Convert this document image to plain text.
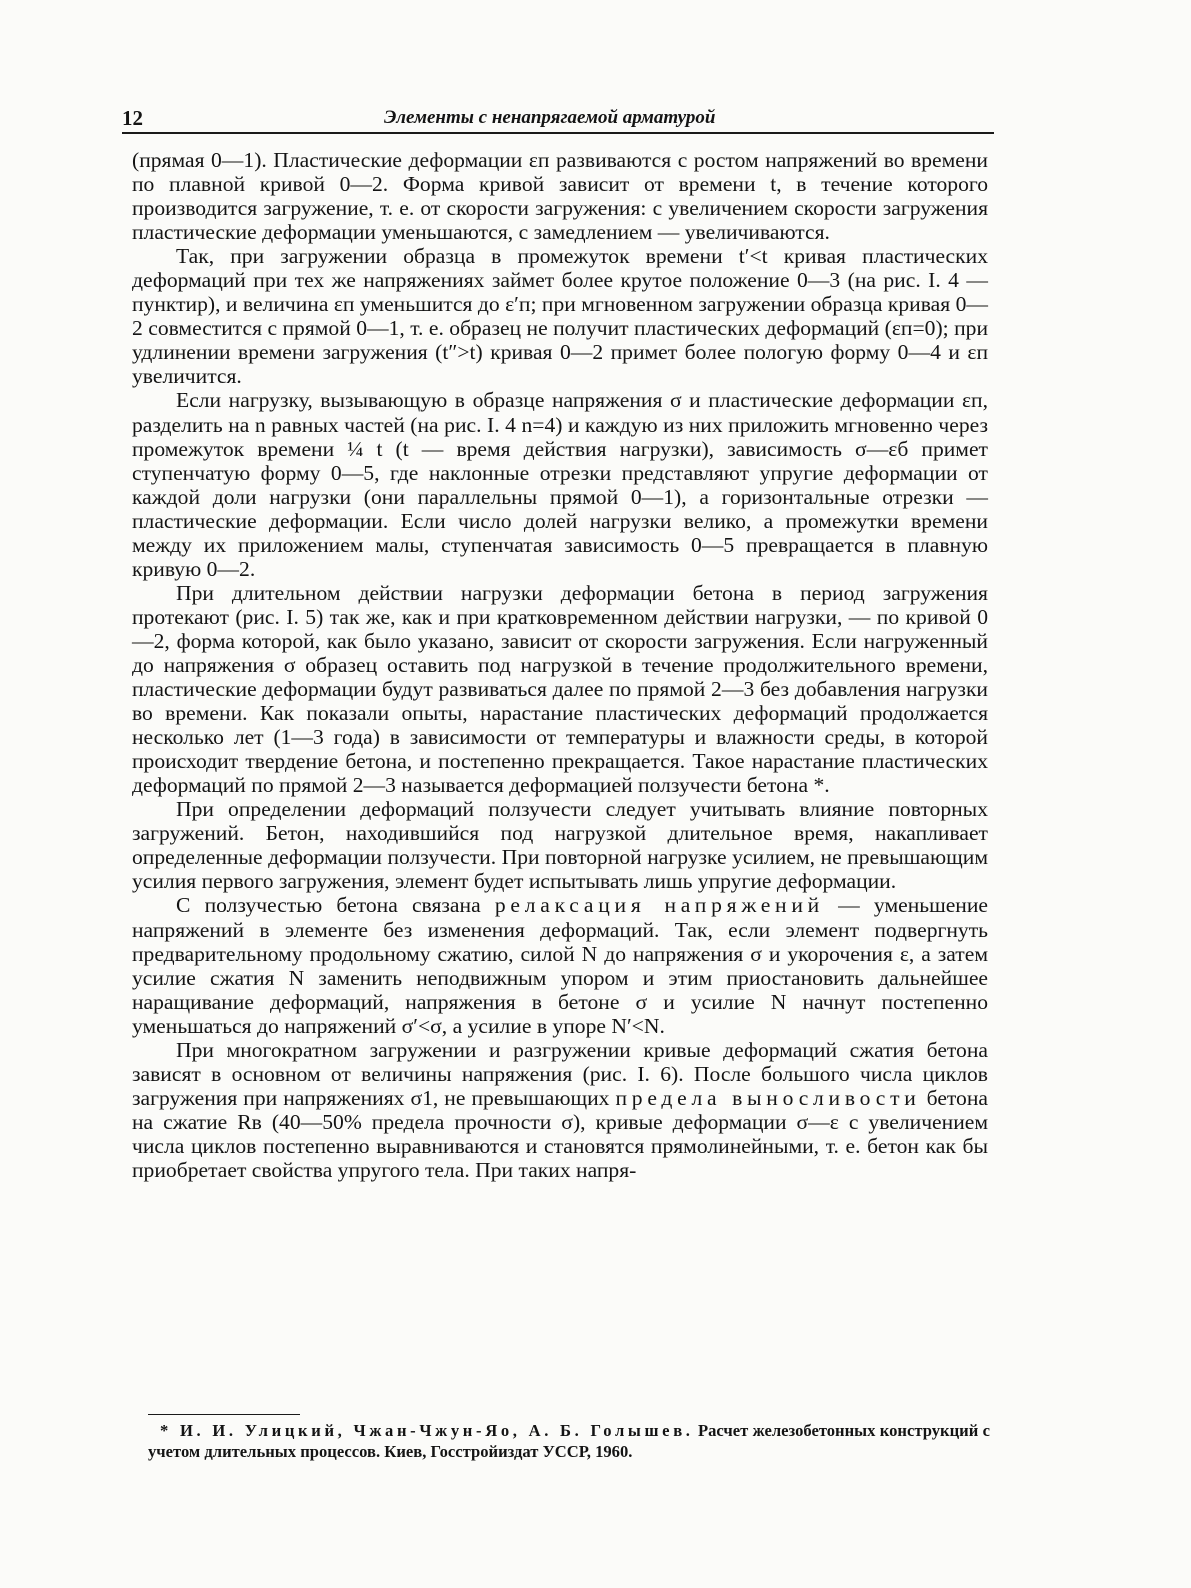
12	Элементы с ненапрягаемой арматурой

(прямая 0—1). Пластические деформации εп развиваются с ростом напряжений во времени по плавной кривой 0—2. Форма кривой зависит от времени t, в течение которого производится загружение, т. е. от скорости загружения: с увеличением скорости загружения пластические деформации уменьшаются, с замедлением — увеличиваются.

Так, при загружении образца в промежуток времени t′<t кривая пластических деформаций при тех же напряжениях займет более крутое положение 0—3 (на рис. I. 4 — пунктир), и величина εп уменьшится до ε′п; при мгновенном загружении образца кривая 0—2 совместится с прямой 0—1, т. е. образец не получит пластических деформаций (εп=0); при удлинении времени загружения (t″>t) кривая 0—2 примет более пологую форму 0—4 и εп увеличится.

Если нагрузку, вызывающую в образце напряжения σ и пластические деформации εп, разделить на n равных частей (на рис. I. 4 n=4) и каждую из них приложить мгновенно через промежуток времени ¼ t (t — время действия нагрузки), зависимость σ—εб примет ступенчатую форму 0—5, где наклонные отрезки представляют упругие деформации от каждой доли нагрузки (они параллельны прямой 0—1), а горизонтальные отрезки — пластические деформации. Если число долей нагрузки велико, а промежутки времени между их приложением малы, ступенчатая зависимость 0—5 превращается в плавную кривую 0—2.

При длительном действии нагрузки деформации бетона в период загружения протекают (рис. I. 5) так же, как и при кратковременном действии нагрузки, — по кривой 0—2, форма которой, как было указано, зависит от скорости загружения. Если нагруженный до напряжения σ образец оставить под нагрузкой в течение продолжительного времени, пластические деформации будут развиваться далее по прямой 2—3 без добавления нагрузки во времени. Как показали опыты, нарастание пластических деформаций продолжается несколько лет (1—3 года) в зависимости от температуры и влажности среды, в которой происходит твердение бетона, и постепенно прекращается. Такое нарастание пластических деформаций по прямой 2—3 называется деформацией ползучести бетона *.

При определении деформаций ползучести следует учитывать влияние повторных загружений. Бетон, находившийся под нагрузкой длительное время, накапливает определенные деформации ползучести. При повторной нагрузке усилием, не превышающим усилия первого загружения, элемент будет испытывать лишь упругие деформации.

С ползучестью бетона связана релаксация напряжений — уменьшение напряжений в элементе без изменения деформаций. Так, если элемент подвергнуть предварительному продольному сжатию, силой N до напряжения σ и укорочения ε, а затем усилие сжатия N заменить неподвижным упором и этим приостановить дальнейшее наращивание деформаций, напряжения в бетоне σ и усилие N начнут постепенно уменьшаться до напряжений σ′<σ, а усилие в упоре N′<N.

При многократном загружении и разгружении кривые деформаций сжатия бетона зависят в основном от величины напряжения (рис. I. 6). После большого числа циклов загружения при напряжениях σ1, не превышающих предела выносливости бетона на сжатие Rв (40—50% предела прочности σ), кривые деформации σ—ε с увеличением числа циклов постепенно выравниваются и становятся прямолинейными, т. е. бетон как бы приобретает свойства упругого тела. При таких напря-

* И. И. Улицкий, Чжан-Чжун-Яо, А. Б. Голышев. Расчет железобетонных конструкций с учетом длительных процессов. Киев, Госстройиздат УССР, 1960.
